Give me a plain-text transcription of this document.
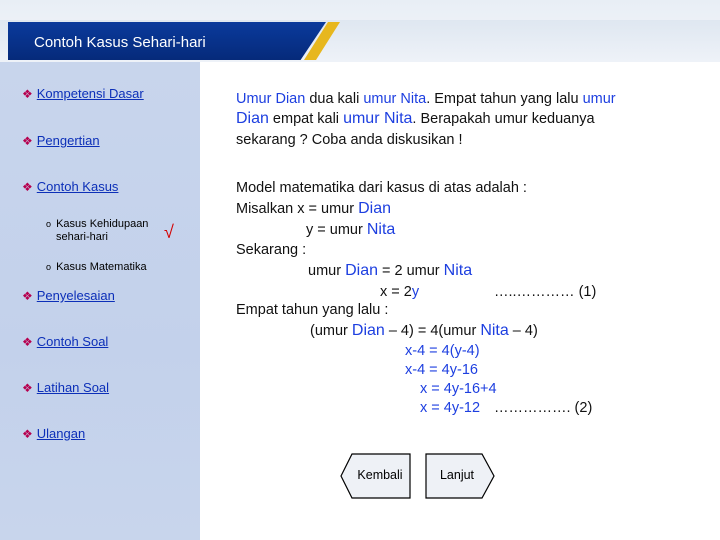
Contoh Kasus Sehari-hari
❖ Kompetensi Dasar
❖ Pengertian
❖ Contoh Kasus
o Kasus Kehidupaan
sehari-hari	√
o Kasus Matematika
❖ Penyelesaian
❖ Contoh Soal
❖ Latihan Soal
❖ Ulangan
Umur Dian dua kali umur Nita. Empat tahun yang lalu umur
Dian empat kali umur Nita. Berapakah umur keduanya
sekarang ? Coba anda diskusikan !
Model matematika dari kasus di atas adalah :
Misalkan x = umur Dian
y = umur Nita
Sekarang :
umur Dian = 2 umur Nita
x = 2y	…..………… (1)
Empat tahun yang lalu :
(umur Dian – 4) = 4(umur Nita – 4)
x-4 = 4(y-4)
x-4 = 4y-16
x = 4y-16+4
x = 4y-12 ……………. (2)
Kembali	Lanjut
